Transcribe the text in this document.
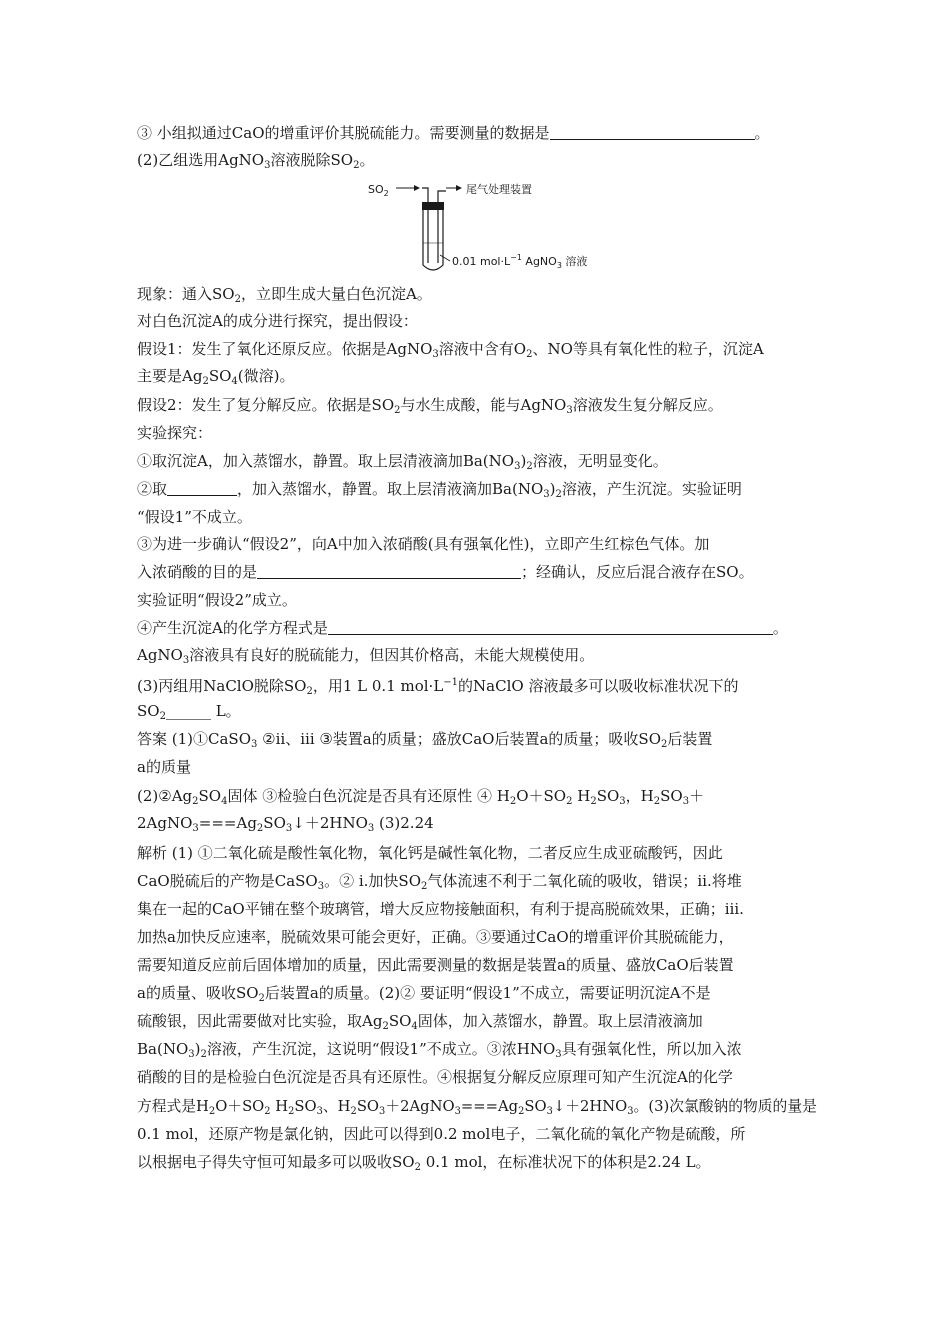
③ 小组拟通过CaO的增重评价其脱硫能力。需要测量的数据是	。
(2)乙组选用AgNO$_3$溶液脱除$SO_2$。
$SO_2$	尾气处理装置
0.01 $mol\cdot L^{-1}$ AgNO$_3$ 溶液
现象：通入$SO_2$，立即生成大量白色沉淀A。
对白色沉淀A的成分进行探究，提出假设：
假设1：发生了氧化还原反应。依据是AgNO$_3$溶液中含有$O_2$、NO等具有氧化性的粒子，沉淀A
主要是$Ag_2SO_4$(微溶)。
假设2：发生了复分解反应。依据是$SO_2$与水生成酸，能与AgNO$_3$溶液发生复分解反应。
实验探究：
①取沉淀A，加入蒸馏水，静置。取上层清液滴加$Ba(NO_3)_2$溶液，无明显变化。
②取	，加入蒸馏水，静置。取上层清液滴加$Ba(NO_3)_2$溶液，产生沉淀。实验证明
“假设1”不成立。
③为进一步确认“假设2”，向A中加入浓硝酸(具有强氧化性)，立即产生红棕色气体。加
入浓硝酸的目的是	；经确认，反应后混合液存在SO。
实验证明“假设2”成立。
④产生沉淀A的化学方程式是	。
AgNO$_3$溶液具有良好的脱硫能力，但因其价格高，未能大规模使用。
(3)丙组用NaClO脱除$SO_2$，用1 L 0.1 $mol\cdot L^{-1}$的NaClO 溶液最多可以吸收标准状况下的
$SO_2\_\_\_\_\_\_$ L。
答案 (1)①CaSO$_3$ ②ⅱ、ⅲ ③装置a的质量；盛放CaO后装置a的质量；吸收$SO_2$后装置
a的质量
$(2)②Ag_2SO_4$固体 ③检验白色沉淀是否具有还原性 ④ $H_2O+SO_2$ $H_2SO_3$，$H_2SO_3+$
$2AgNO_3===Ag_2SO_3↓+2HNO_3$ (3)2.24
解析 (1) ①二氧化硫是酸性氧化物，氧化钙是碱性氧化物，二者反应生成亚硫酸钙，因此
CaO脱硫后的产物是CaSO$_3$。② ⅰ.加快$SO_2$气体流速不利于二氧化硫的吸收，错误；ⅱ.将堆
集在一起的CaO平铺在整个玻璃管，增大反应物接触面积，有利于提高脱硫效果，正确；ⅲ.
加热a加快反应速率，脱硫效果可能会更好，正确。③要通过CaO的增重评价其脱硫能力，
需要知道反应前后固体增加的质量，因此需要测量的数据是装置a的质量、盛放CaO后装置
a的质量、吸收$SO_2$后装置a的质量。(2)② 要证明“假设1”不成立，需要证明沉淀A不是
硫酸银，因此需要做对比实验，取$Ag_2SO_4$固体，加入蒸馏水，静置。取上层清液滴加
$Ba(NO_3)_2$溶液，产生沉淀，这说明“假设1”不成立。③浓$HNO_3$具有强氧化性，所以加入浓
硝酸的目的是检验白色沉淀是否具有还原性。④根据复分解反应原理可知产生沉淀A的化学
方程式是$H_2O+SO_2$ $H_2SO_3$、$H_2SO_3+2AgNO_3===Ag_2SO_3↓+2HNO_3$。(3)次氯酸钠的物质的量是
0.1 mol，还原产物是氯化钠，因此可以得到0.2 mol电子，二氧化硫的氧化产物是硫酸，所
以根据电子得失守恒可知最多可以吸收$SO_2$ 0.1 mol，在标准状况下的体积是2.24 L。
